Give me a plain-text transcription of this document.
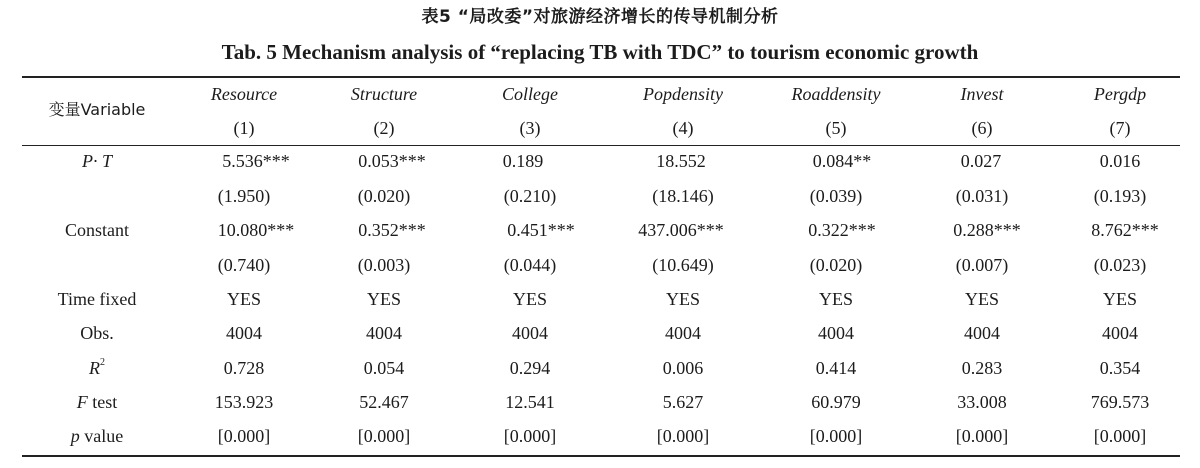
表5 “局改委”对旅游经济增长的传导机制分析
Tab. 5 Mechanism analysis of “replacing TB with TDC” to tourism economic growth
变量Variable
Resource	Structure	College	Popdensity	Roaddensity	Invest	Pergdp
(1)	(2)	(3)	(4)	(5)	(6)	(7)
P· T	5.536***	0.053***	0.189	18.552	0.084**	0.027	0.016
(1.950)	(0.020)	(0.210)	(18.146)	(0.039)	(0.031)	(0.193)
Constant	10.080***	0.352***	0.451***	437.006***	0.322***	0.288***	8.762***
(0.740)	(0.003)	(0.044)	(10.649)	(0.020)	(0.007)	(0.023)
Time fixed	YES	YES	YES	YES	YES	YES	YES
Obs.	4004	4004	4004	4004	4004	4004	4004
$R^2$	0.728	0.054	0.294	0.006	0.414	0.283	0.354
F test	153.923	52.467	12.541	5.627	60.979	33.008	769.573
p value	[0.000]	[0.000]	[0.000]	[0.000]	[0.000]	[0.000]	[0.000]
